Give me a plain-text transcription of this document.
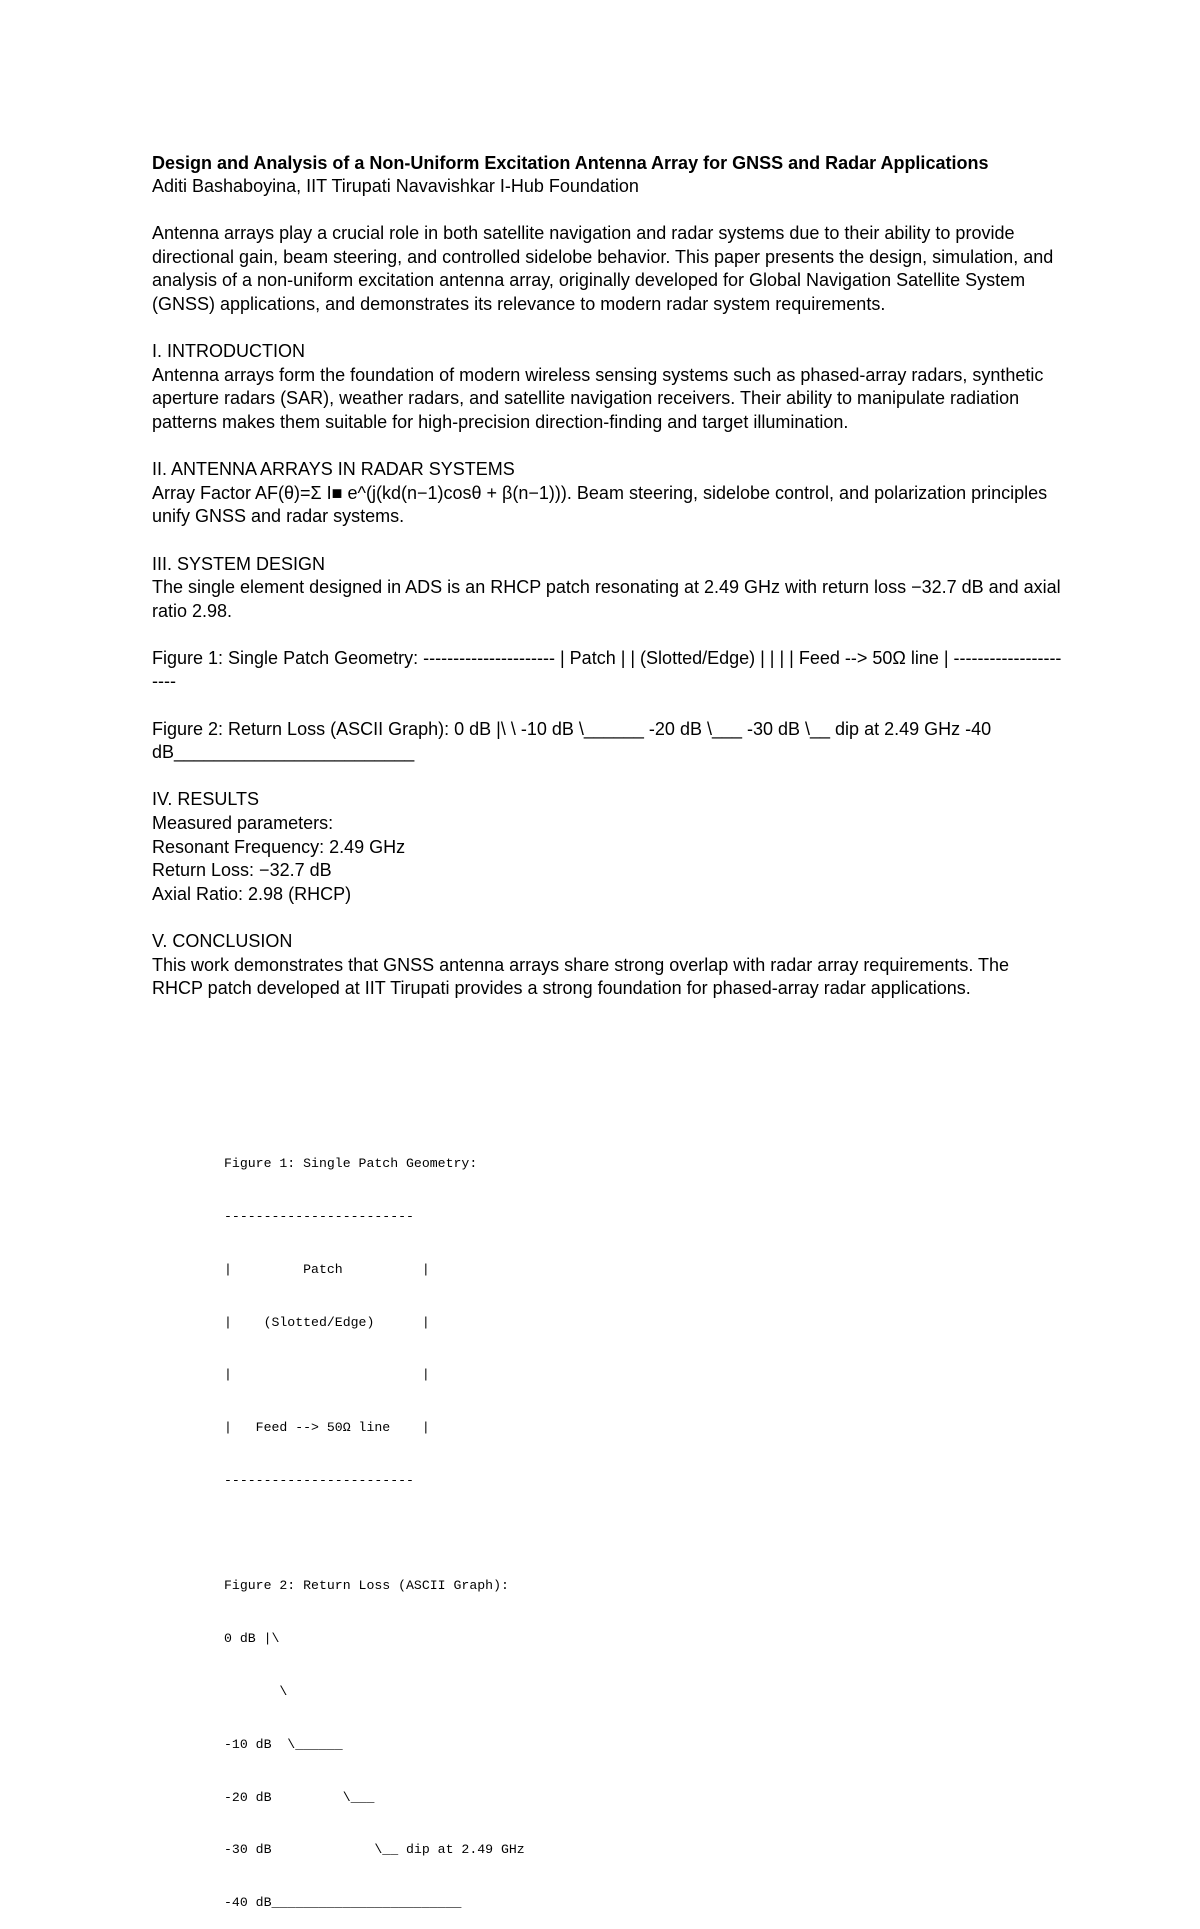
Design and Analysis of a Non-Uniform Excitation Antenna Array for GNSS and Radar Applications

Aditi Bashaboyina, IIT Tirupati Navavishkar I-Hub Foundation

Antenna arrays play a crucial role in both satellite navigation and radar systems due to their ability to provide directional gain, beam steering, and controlled sidelobe behavior. This paper presents the design, simulation, and analysis of a non-uniform excitation antenna array, originally developed for Global Navigation Satellite System (GNSS) applications, and demonstrates its relevance to modern radar system requirements.

I. INTRODUCTION

Antenna arrays form the foundation of modern wireless sensing systems such as phased-array radars, synthetic aperture radars (SAR), weather radars, and satellite navigation receivers. Their ability to manipulate radiation patterns makes them suitable for high-precision direction-finding and target illumination.

II. ANTENNA ARRAYS IN RADAR SYSTEMS

Array Factor AF(θ)=Σ I■ e^(j(kd(n−1)cosθ + β(n−1))). Beam steering, sidelobe control, and polarization principles unify GNSS and radar systems.

III. SYSTEM DESIGN

The single element designed in ADS is an RHCP patch resonating at 2.49 GHz with return loss −32.7 dB and axial ratio 2.98.

Figure 1: Single Patch Geometry: ---------------------- | Patch | | (Slotted/Edge) | | | | Feed --> 50Ω line | ----------------------

Figure 2: Return Loss (ASCII Graph): 0 dB |\ \ -10 dB \______ -20 dB \___ -30 dB \__ dip at 2.49 GHz -40 dB________________________

IV. RESULTS

Measured parameters:

Resonant Frequency: 2.49 GHz

Return Loss: −32.7 dB

Axial Ratio: 2.98 (RHCP)

V. CONCLUSION

This work demonstrates that GNSS antenna arrays share strong overlap with radar array requirements. The RHCP patch developed at IIT Tirupati provides a strong foundation for phased-array radar applications.

Figure 1: Single Patch Geometry:

------------------------

|         Patch          |

|    (Slotted/Edge)      |

|                        |

|   Feed --> 50Ω line    |

------------------------

Figure 2: Return Loss (ASCII Graph):

0 dB |\

\

-10 dB  \______

-20 dB         \___

-30 dB             \__ dip at 2.49 GHz

-40 dB________________________
